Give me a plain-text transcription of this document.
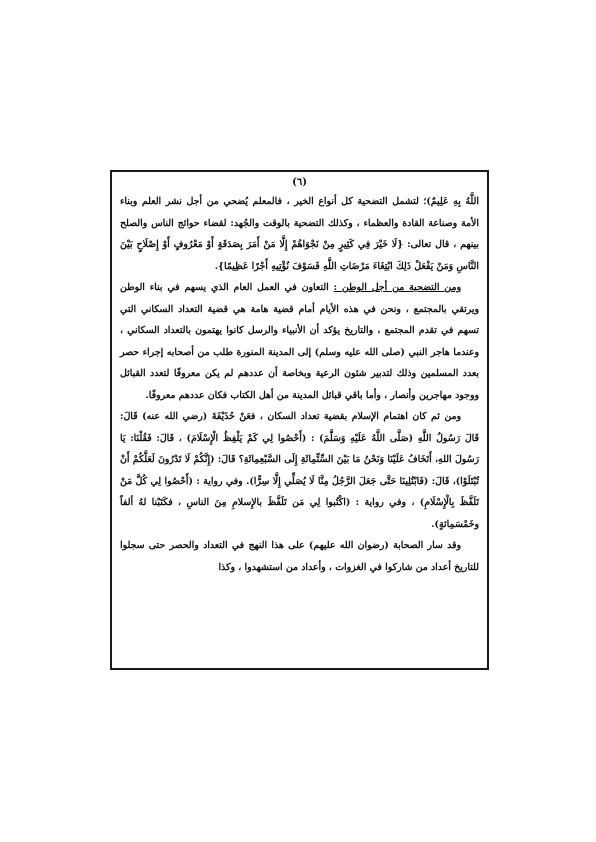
(٦)

اللَّهُ بِهِ عَلِيمٌ)؛ لتشمل التضحية كل أنواع الخير ، فالمعلم يُضحي من أجل نشر العلم وبناء الأمة وصناعة القادة والعظماء ، وكذلك التضحية بالوقت والجُهد: لقضاء حوائج الناس والصلح بينهم ، قال تعالى: {لَا خَيْرَ فِي كَثِيرٍ مِنْ نَجْوَاهُمْ إِلَّا مَنْ أَمَرَ بِصَدَقَةٍ أَوْ مَعْرُوفٍ أَوْ إِصْلَاحٍ بَيْنَ النَّاسِ وَمَنْ يَفْعَلْ ذَلِكَ ابْتِغَاءَ مَرْضَاتِ اللَّهِ فَسَوْفَ نُؤْتِيهِ أَجْرًا عَظِيمًا}.

ومن التضحية من أجل الوطن : التعاون في العمل العام الذي يسهم في بناء الوطن ويرتقي بالمجتمع ، ونحن في هذه الأيام أمام قضية هامة هي قضية التعداد السكاني التي تسهم في تقدم المجتمع ، والتاريخ يؤكد أن الأنبياء والرسل كانوا يهتمون بالتعداد السكاني ، وعندما هاجر النبي (صلى الله عليه وسلم) إلى المدينة المنورة طلب من أصحابه إجراء حصر بعدد المسلمين وذلك لتدبير شئون الرعية وبخاصة أن عددهم لم يكن معروفًا لتعدد القبائل ووجود مهاجرين وأنصار ، وأما باقي قبائل المدينة من أهل الكتاب فكان عددهم معروفًا.

ومن ثم كان اهتمام الإسلام بقضية تعداد السكان ، فعَنْ حُذَيْفَةَ (رضي الله عنه) قَالَ: قَالَ رَسُولُ اللَّهِ (صَلَّى اللَّهُ عَلَيْهِ وَسَلَّمَ) : (أَحْصُوا لِي كَمْ يَلْفِظُ الْإِسْلَامَ) ، قَالَ: فَقُلْنَا: يَا رَسُولَ اللهِ، أَتَخَافُ عَلَيْنَا وَنَحْنُ مَا بَيْنَ السِّتِّمِائَةِ إِلَى السَّبْعِمِائَةِ؟ قَالَ: (إِنَّكُمْ لَا تَدْرُونَ لَعَلَّكُمْ أَنْ تُبْتَلَوْا)، قَالَ: (فَابْتُلِينَا حَتَّى جَعَلَ الرَّجُلُ مِنَّا لَا يُصَلِّي إِلَّا سِرًّا). وفي رواية : (أَحْصُوا لِي كُلَّ مَنْ تَلَفَّظَ بِالْإِسْلَامِ) ، وفي رواية : (اكْتُبوا لِي مَن تَلَفَّظَ بالإِسلامِ مِنَ الناسِ ، فكَتَبْنا لهُ ألفاً وخَمْسَمِائةٍ).

وقد سار الصحابة (رضوان الله عليهم) على هذا النهج في التعداد والحصر حتى سجلوا للتاريخ أعداد من شاركوا في الغزوات ، وأعداد من استشهدوا ، وكذا
